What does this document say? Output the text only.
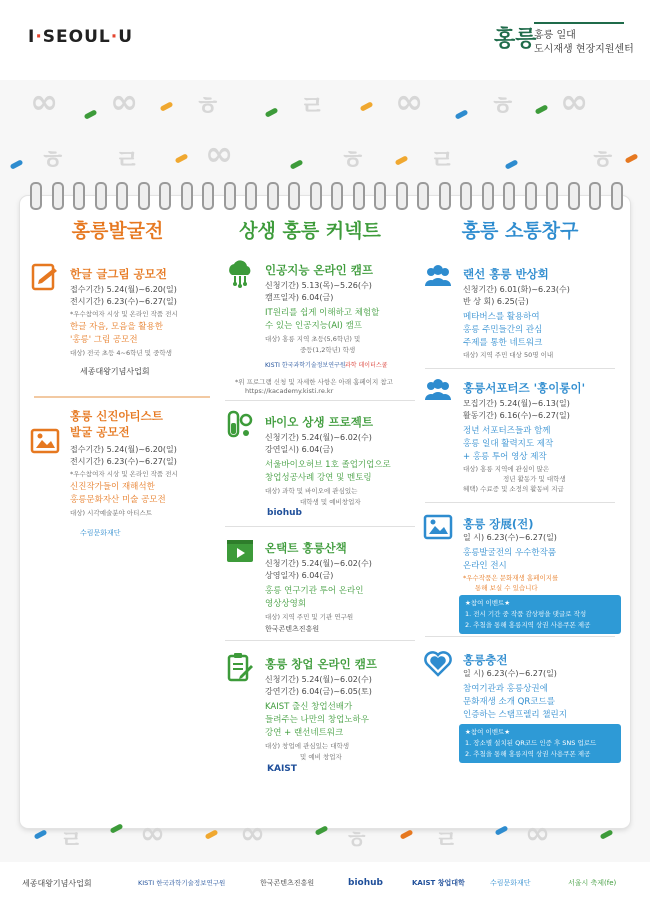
I·SEOUL·U	홍릉
홍릉 일대
도시재생 현장지원센터
∞ ∞ ㅎ	ㄹ ∞	ㅎ ∞
ㅎ ㄹ ∞	ㅎ ㄹ	ㅎ
홍릉발굴전	상생 홍릉 커넥트	홍릉 소통창구
한글 글그림 공모전
접수기간) 5.24(월)~6.20(일)
전시기간) 6.23(수)~6.27(일)
*우수참여자 시상 및 온라인 작품 전시
한글 자음, 모음을 활용한
'홍릉' 그림 공모전
대상) 전국 초등 4~6학년 및 중학생
세종대왕기념사업회
홍릉 신진아티스트
발굴 공모전
접수기간) 5.24(월)~6.20(일)
전시기간) 6.23(수)~6.27(일)
*우수참여자 시상 및 온라인 작품 전시
신진작가들이 재해석한
홍릉문화자산 미술 공모전
대상) 시각예술분야 아티스트
수림문화재단
인공지능 온라인 캠프
신청기간) 5.13(목)~5.26(수)
캠프일자) 6.04(금)
IT원리를 쉽게 이해하고 체험할
수 있는 인공지능(AI) 캠프
대상) 홍릉 지역 초등(5,6학년) 및
중등(1,2학년) 학생
KISTI 한국과학기술정보연구원 과학 데이터스쿨
*위 프로그램 신청 및 자세한 사항은 아래 홈페이지 참고
https://kacademy.kisti.re.kr
바이오 상생 프로젝트
신청기간) 5.24(월)~6.02(수)
강연일시) 6.04(금)
서울바이오허브 1호 졸업기업으로
창업성공사례 강연 및 멘토링
대상) 과학 및 바이오에 관심있는
대학생 및 예비창업자
biohub
온택트 홍릉산책
신청기간) 5.24(월)~6.02(수)
상영일자) 6.04(금)
홍릉 연구기관 투어 온라인
영상상영회
대상) 지역 주민 및 기관 연구원
한국콘텐츠진흥원
홍릉 창업 온라인 캠프
신청기간) 5.24(월)~6.02(수)
강연기간) 6.04(금)~6.05(토)
KAIST 출신 창업선배가
들려주는 나만의 창업노하우
강연 + 랜선네트워크
대상) 창업에 관심있는 대학생
및 예비 창업자
KAIST
랜선 홍릉 반상회
신청기간) 6.01(화)~6.23(수)
반 상 회) 6.25(금)
메타버스를 활용하여
홍릉 주민들간의 관심
주제를 통한 네트워크
대상) 지역 주민 대상 50명 이내
홍릉서포터즈 '홍이롱이'
모집기간) 5.24(월)~6.13(일)
활동기간) 6.16(수)~6.27(일)
정년 서포터즈들과 함께
홍릉 일대 활력지도 제작
+ 홍릉 투어 영상 제작
대상) 홍릉 지역에 관심이 많은
정년 활동가 및 대학생
혜택) 수료증 및 소정의 활동비 지급
홍릉 장展(전)
일 시) 6.23(수)~6.27(일)
홍릉발굴전의 우수한작품
온라인 전시
*우수작품은 문화재생 홈페이지를
통해 보실 수 있습니다
★참여 이벤트★
1. 전시 기간 중 작품 감상평을 댓글로 작성
2. 추첨을 통해 홍릉지역 상권 사용쿠폰 제공
홍릉충전
일 시) 6.23(수)~6.27(일)
참여기관과 홍릉상권에
문화재생 소개 QR코드를
인증하는 스탬프렐리 챌린지
★참여 이벤트★
1. 장소별 설치된 QR코드 인증 후 SNS 업로드
2. 추첨을 통해 홍릉지역 상권 사용쿠폰 제공
ㄹ ∞	∞	ㅎ	ㄹ ∞
세종대왕기념사업회	KISTI 한국과학기술정보연구원	한국콘텐츠진흥원	biohub	KAIST 창업대학	수림문화재단	서울시 축제(fe)
